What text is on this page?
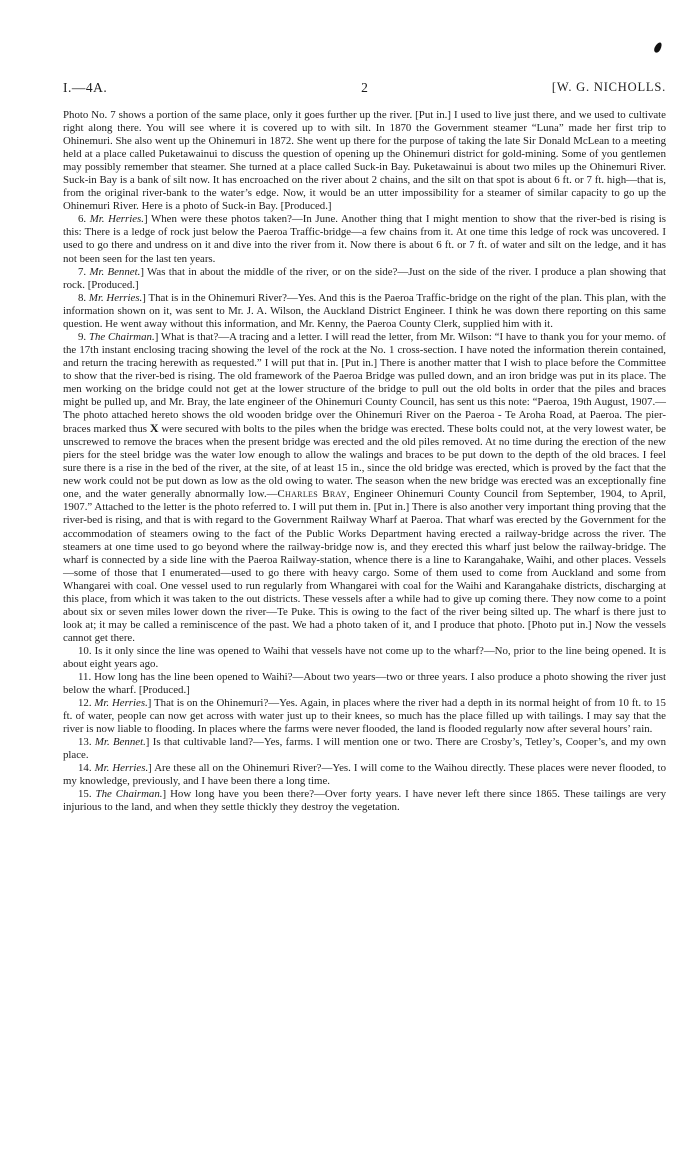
I.—4A.	2	[W. G. NICHOLLS.

Photo No. 7 shows a portion of the same place, only it goes further up the river. [Put in.] I used to live just there, and we used to cultivate right along there. You will see where it is covered up to with silt. In 1870 the Government steamer “Luna” made her first trip to Ohinemuri. She also went up the Ohinemuri in 1872. She went up there for the purpose of taking the late Sir Donald McLean to a meeting held at a place called Puketawainui to discuss the question of opening up the Ohinemuri district for gold-mining. Some of you gentlemen may possibly remember that steamer. She turned at a place called Suck-in Bay. Puketawainui is about two miles up the Ohinemuri River. Suck-in Bay is a bank of silt now. It has encroached on the river about 2 chains, and the silt on that spot is about 6 ft. or 7 ft. high—that is, from the original river-bank to the water’s edge. Now, it would be an utter impossibility for a steamer of similar capacity to go up the Ohinemuri River. Here is a photo of Suck-in Bay. [Produced.]

6. Mr. Herries.] When were these photos taken?—In June. Another thing that I might mention to show that the river-bed is rising is this: There is a ledge of rock just below the Paeroa Traffic-bridge—a few chains from it. At one time this ledge of rock was uncovered. I used to go there and undress on it and dive into the river from it. Now there is about 6 ft. or 7 ft. of water and silt on the ledge, and it has not been seen for the last ten years.

7. Mr. Bennet.] Was that in about the middle of the river, or on the side?—Just on the side of the river. I produce a plan showing that rock. [Produced.]

8. Mr. Herries.] That is in the Ohinemuri River?—Yes. And this is the Paeroa Traffic-bridge on the right of the plan. This plan, with the information shown on it, was sent to Mr. J. A. Wilson, the Auckland District Engineer. I think he was down there reporting on this same question. He went away without this information, and Mr. Kenny, the Paeroa County Clerk, supplied him with it.

9. The Chairman.] What is that?—A tracing and a letter. I will read the letter, from Mr. Wilson: “I have to thank you for your memo. of the 17th instant enclosing tracing showing the level of the rock at the No. 1 cross-section. I have noted the information therein contained, and return the tracing herewith as requested.” I will put that in. [Put in.] There is another matter that I wish to place before the Committee to show that the river-bed is rising. The old framework of the Paeroa Bridge was pulled down, and an iron bridge was put in its place. The men working on the bridge could not get at the lower structure of the bridge to pull out the old bolts in order that the piles and braces might be pulled up, and Mr. Bray, the late engineer of the Ohinemuri County Council, has sent us this note: “Paeroa, 19th August, 1907.—The photo attached hereto shows the old wooden bridge over the Ohinemuri River on the Paeroa - Te Aroha Road, at Paeroa. The pier-braces marked thus X were secured with bolts to the piles when the bridge was erected. These bolts could not, at the very lowest water, be unscrewed to remove the braces when the present bridge was erected and the old piles removed. At no time during the erection of the new piers for the steel bridge was the water low enough to allow the walings and braces to be put down to the depth of the old braces. I feel sure there is a rise in the bed of the river, at the site, of at least 15 in., since the old bridge was erected, which is proved by the fact that the new work could not be put down as low as the old owing to water. The season when the new bridge was erected was an exceptionally fine one, and the water generally abnormally low.—Charles Bray, Engineer Ohinemuri County Council from September, 1904, to April, 1907.” Attached to the letter is the photo referred to. I will put them in. [Put in.] There is also another very important thing proving that the river-bed is rising, and that is with regard to the Government Railway Wharf at Paeroa. That wharf was erected by the Government for the accommodation of steamers owing to the fact of the Public Works Department having erected a railway-bridge across the river. The steamers at one time used to go beyond where the railway-bridge now is, and they erected this wharf just below the railway-bridge. The wharf is connected by a side line with the Paeroa Railway-station, whence there is a line to Karangahake, Waihi, and other places. Vessels—some of those that I enumerated—used to go there with heavy cargo. Some of them used to come from Auckland and some from Whangarei with coal. One vessel used to run regularly from Whangarei with coal for the Waihi and Karangahake districts, discharging at this place, from which it was taken to the out districts. These vessels after a while had to give up coming there. They now come to a point about six or seven miles lower down the river—Te Puke. This is owing to the fact of the river being silted up. The wharf is there just to look at; it may be called a reminiscence of the past. We had a photo taken of it, and I produce that photo. [Photo put in.] Now the vessels cannot get there.

10. Is it only since the line was opened to Waihi that vessels have not come up to the wharf?—No, prior to the line being opened. It is about eight years ago.

11. How long has the line been opened to Waihi?—About two years—two or three years. I also produce a photo showing the river just below the wharf. [Produced.]

12. Mr. Herries.] That is on the Ohinemuri?—Yes. Again, in places where the river had a depth in its normal height of from 10 ft. to 15 ft. of water, people can now get across with water just up to their knees, so much has the place filled up with tailings. I may say that the river is now liable to flooding. In places where the farms were never flooded, the land is flooded regularly now after several hours’ rain.

13. Mr. Bennet.] Is that cultivable land?—Yes, farms. I will mention one or two. There are Crosby’s, Tetley’s, Cooper’s, and my own place.

14. Mr. Herries.] Are these all on the Ohinemuri River?—Yes. I will come to the Waihou directly. These places were never flooded, to my knowledge, previously, and I have been there a long time.

15. The Chairman.] How long have you been there?—Over forty years. I have never left there since 1865. These tailings are very injurious to the land, and when they settle thickly they destroy the vegetation.
